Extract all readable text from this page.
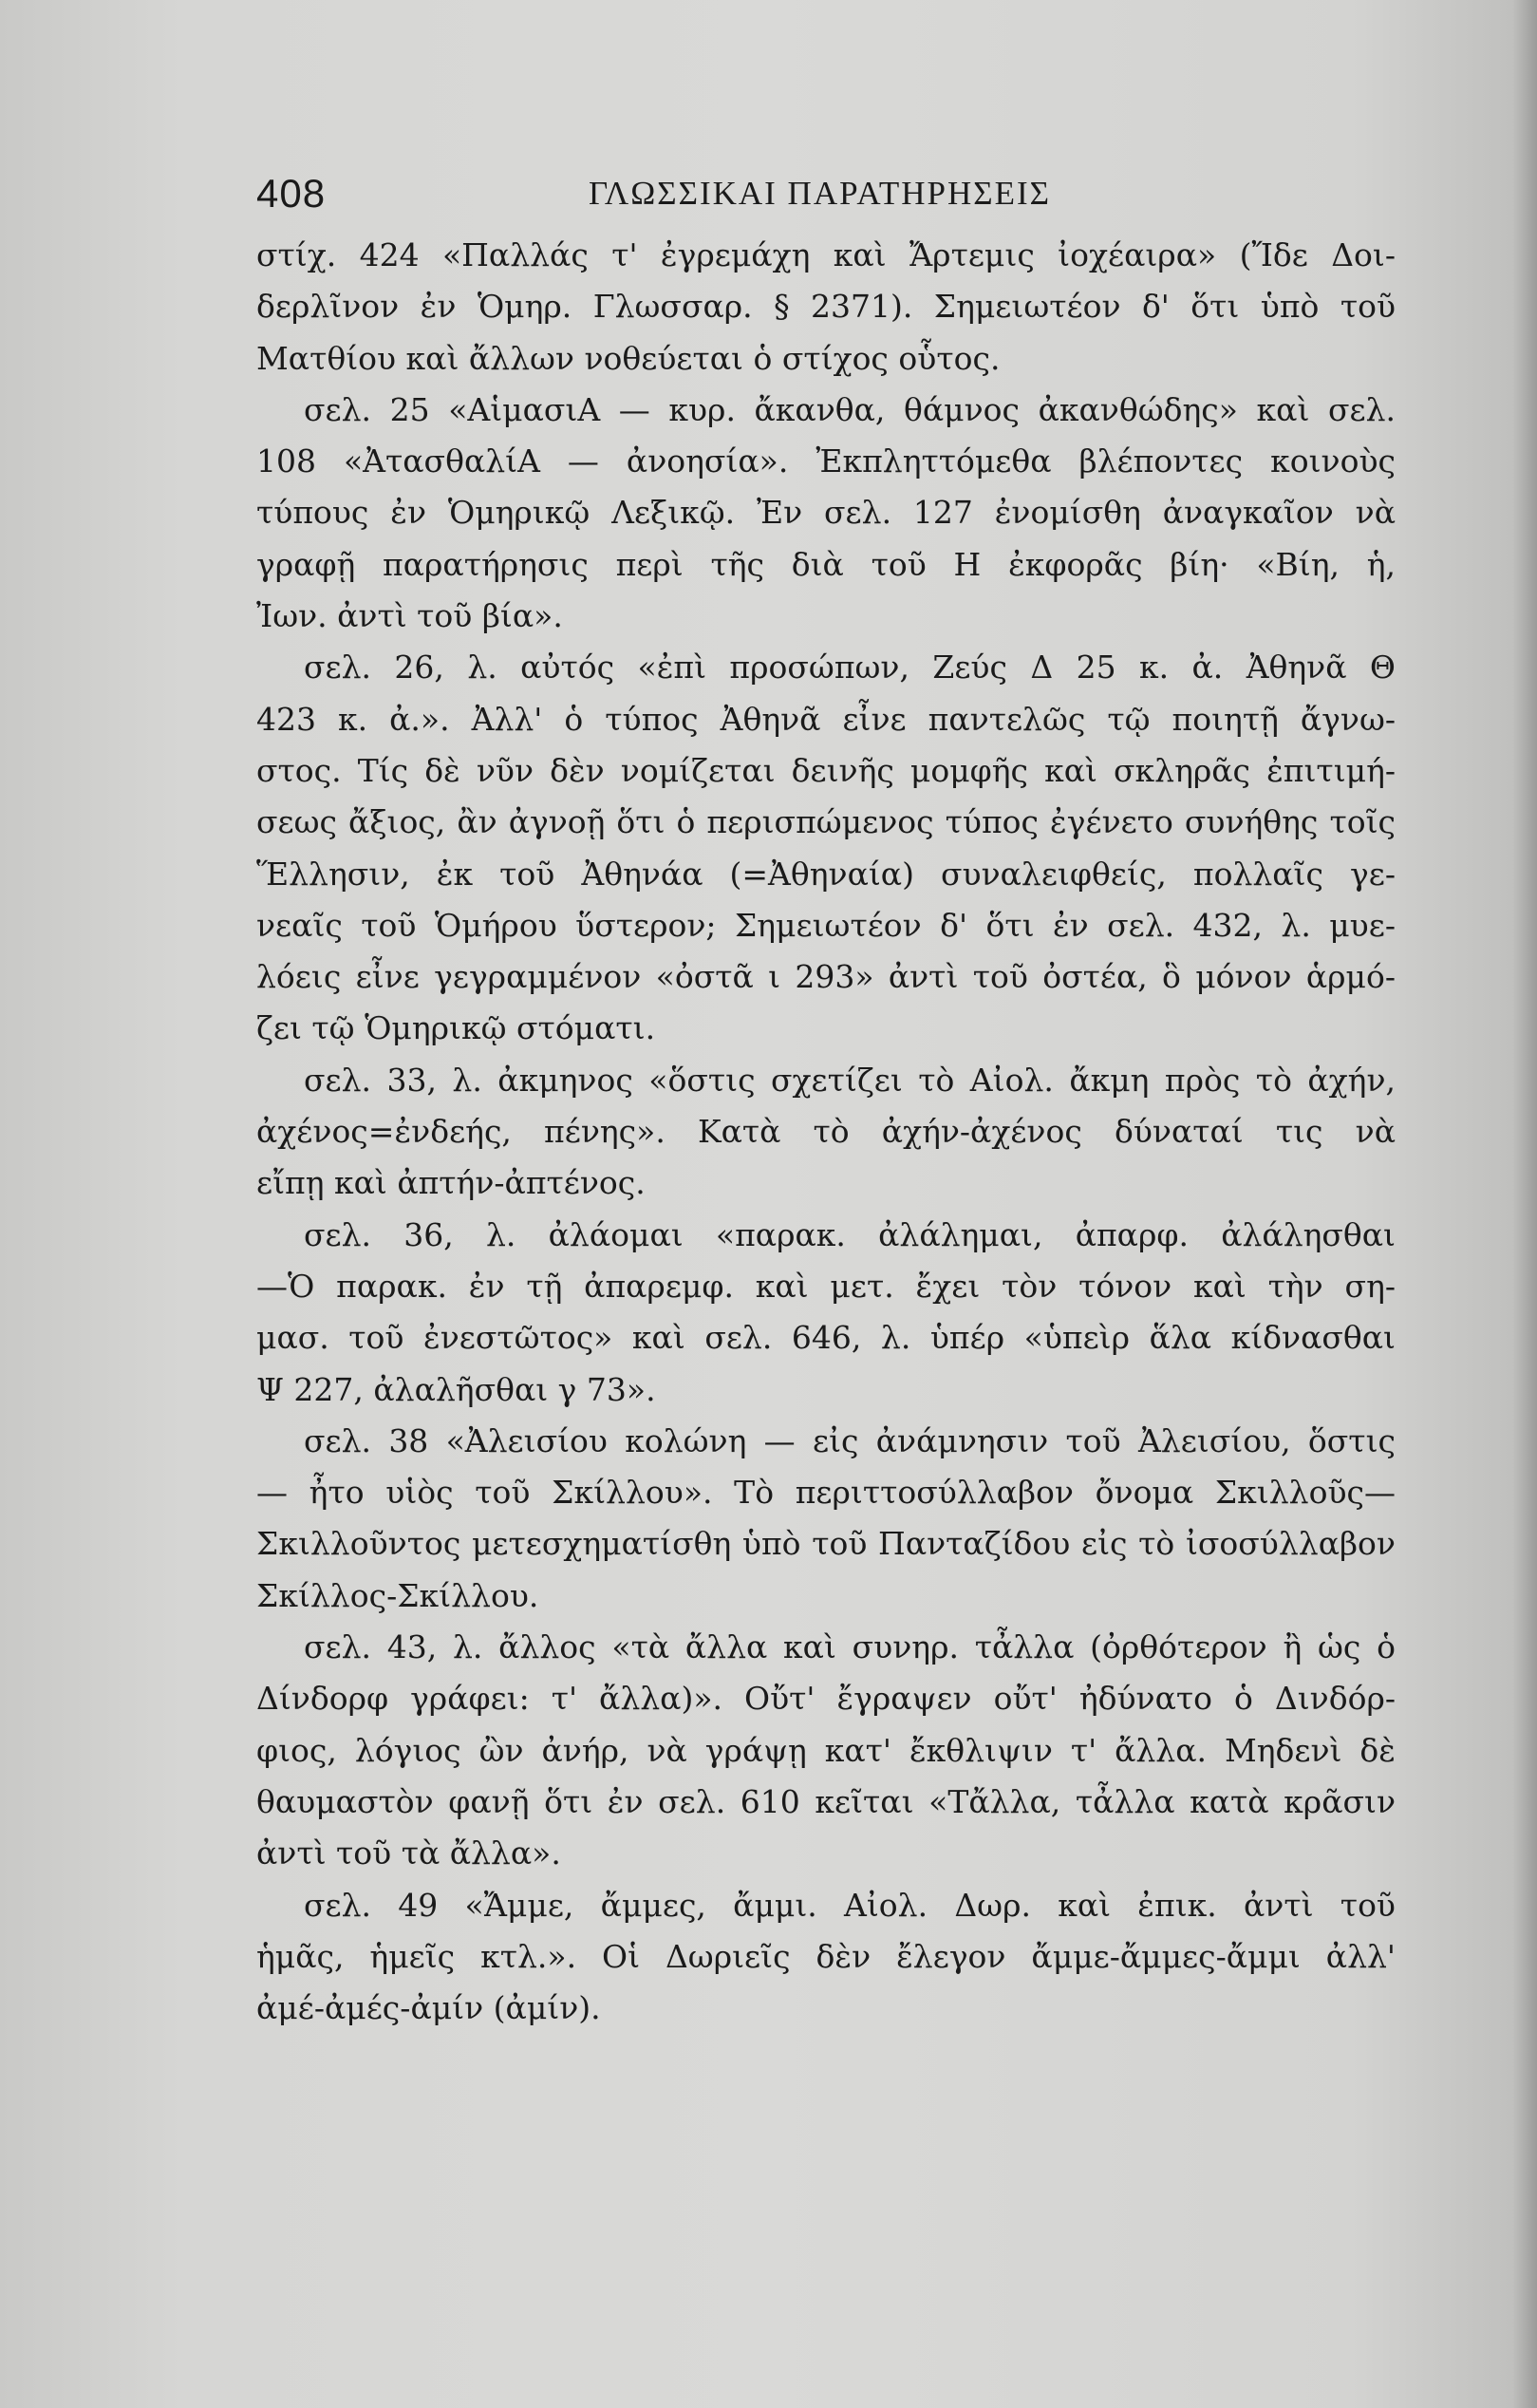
408	ΓΛΩΣΣΙΚΑΙ ΠΑΡΑΤΗΡΗΣΕΙΣ
στίχ. 424 «Παλλάς τ' ἐγρεμάχη καὶ Ἄρτεμις ἰοχέαιρα» (Ἴδε Δοι-
δερλῖνον ἐν Ὁμηρ. Γλωσσαρ. § 2371). Σημειωτέον δ' ὅτι ὑπὸ τοῦ
Ματθίου καὶ ἄλλων νοθεύεται ὁ στίχος οὗτος.
σελ. 25 «ΑἱμασιΑ — κυρ. ἄκανθα, θάμνος ἀκανθώδης» καὶ σελ.
108 «ἈτασθαλίΑ — ἀνοησία». Ἐκπληττόμεθα βλέποντες κοινοὺς
τύπους ἐν Ὁμηρικῷ Λεξικῷ. Ἐν σελ. 127 ἐνομίσθη ἀναγκαῖον νὰ
γραφῇ παρατήρησις περὶ τῆς διὰ τοῦ Η ἐκφορᾶς βίη· «Βίη, ἡ,
Ἰων. ἀντὶ τοῦ βία».
σελ. 26, λ. αὐτός «ἐπὶ προσώπων, Ζεύς Δ 25 κ. ἀ. Ἀθηνᾶ Θ
423 κ. ἀ.». Ἀλλ' ὁ τύπος Ἀθηνᾶ εἶνε παντελῶς τῷ ποιητῇ ἄγνω-
στος. Τίς δὲ νῦν δὲν νομίζεται δεινῆς μομφῆς καὶ σκληρᾶς ἐπιτιμή-
σεως ἄξιος, ἂν ἀγνοῇ ὅτι ὁ περισπώμενος τύπος ἐγένετο συνήθης τοῖς
Ἕλλησιν, ἐκ τοῦ Ἀθηνάα (=Ἀθηναία) συναλειφθείς, πολλαῖς γε-
νεαῖς τοῦ Ὁμήρου ὕστερον; Σημειωτέον δ' ὅτι ἐν σελ. 432, λ. μυε-
λόεις εἶνε γεγραμμένον «ὀστᾶ ι 293» ἀντὶ τοῦ ὀστέα, ὃ μόνον ἁρμό-
ζει τῷ Ὁμηρικῷ στόματι.
σελ. 33, λ. ἀκμηνος «ὅστις σχετίζει τὸ Αἰολ. ἄκμη πρὸς τὸ ἀχήν,
ἀχένος=ἐνδεής, πένης». Κατὰ τὸ ἀχήν-ἀχένος δύναταί τις νὰ
εἴπῃ καὶ ἀπτήν-ἀπτένος.
σελ. 36, λ. ἀλάομαι «παρακ. ἀλάλημαι, ἀπαρφ. ἀλάλησθαι
—Ὁ παρακ. ἐν τῇ ἀπαρεμφ. καὶ μετ. ἔχει τὸν τόνον καὶ τὴν ση-
μασ. τοῦ ἐνεστῶτος» καὶ σελ. 646, λ. ὑπέρ «ὑπεὶρ ἅλα κίδνασθαι
Ψ 227, ἀλαλῆσθαι γ 73».
σελ. 38 «Ἀλεισίου κολώνη — εἰς ἀνάμνησιν τοῦ Ἀλεισίου, ὅστις
— ἦτο υἱὸς τοῦ Σκίλλου». Τὸ περιττοσύλλαβον ὄνομα Σκιλλοῦς—
Σκιλλοῦντος μετεσχηματίσθη ὑπὸ τοῦ Πανταζίδου εἰς τὸ ἰσοσύλλαβον
Σκίλλος-Σκίλλου.
σελ. 43, λ. ἄλλος «τὰ ἄλλα καὶ συνηρ. τἆλλα (ὀρθότερον ἢ ὡς ὁ
Δίνδορφ γράφει: τ' ἄλλα)». Οὔτ' ἔγραψεν οὔτ' ἠδύνατο ὁ Δινδόρ-
φιος, λόγιος ὢν ἀνήρ, νὰ γράψῃ κατ' ἔκθλιψιν τ' ἄλλα. Μηδενὶ δὲ
θαυμαστὸν φανῇ ὅτι ἐν σελ. 610 κεῖται «Τἄλλα, τἆλλα κατὰ κρᾶσιν
ἀντὶ τοῦ τὰ ἄλλα».
σελ. 49 «Ἄμμε, ἄμμες, ἄμμι. Αἰολ. Δωρ. καὶ ἐπικ. ἀντὶ τοῦ
ἡμᾶς, ἡμεῖς κτλ.». Οἱ Δωριεῖς δὲν ἔλεγον ἄμμε-ἄμμες-ἄμμι ἀλλ'
ἀμέ-ἀμές-ἀμίν (ἀμίν).
